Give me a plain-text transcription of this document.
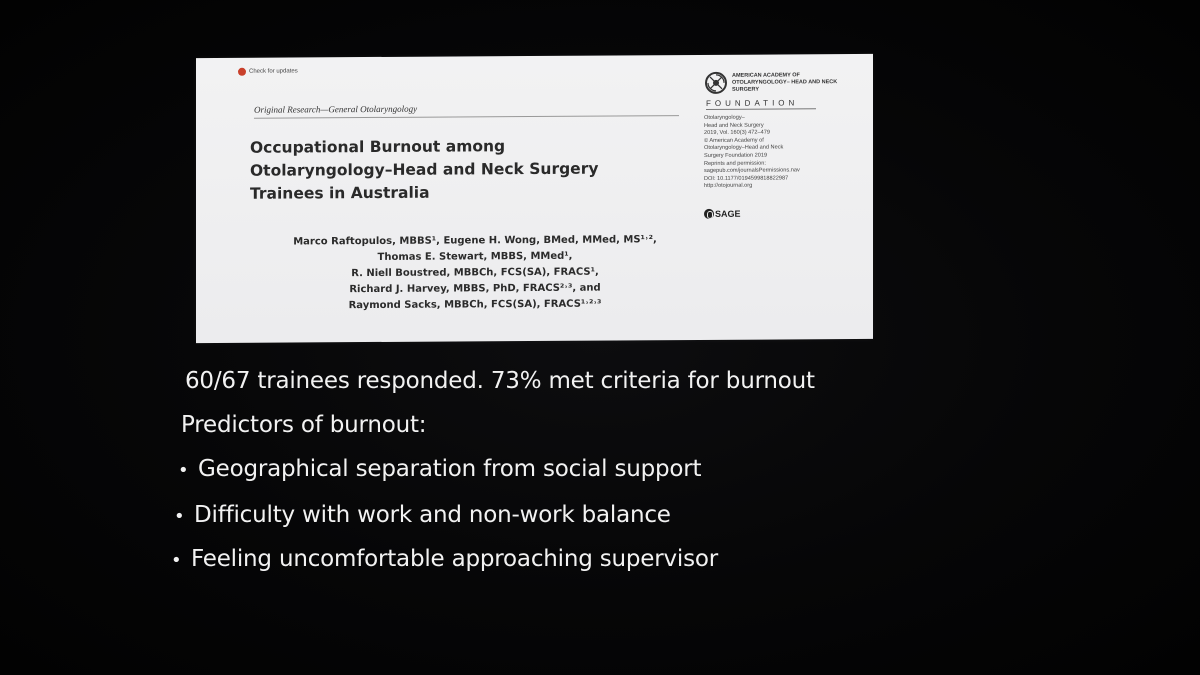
Check for updates
Original Research—General Otolaryngology
Occupational Burnout among
Otolaryngology–Head and Neck Surgery
Trainees in Australia
Marco Raftopulos, MBBS¹, Eugene H. Wong, BMed, MMed, MS¹˒²,
Thomas E. Stewart, MBBS, MMed¹,
R. Niell Boustred, MBBCh, FCS(SA), FRACS¹,
Richard J. Harvey, MBBS, PhD, FRACS²˒³, and
Raymond Sacks, MBBCh, FCS(SA), FRACS¹˒²˒³
AMERICAN ACADEMY OF OTOLARYNGOLOGY– HEAD AND NECK SURGERY
FOUNDATION
Otolaryngology–
Head and Neck Surgery
2019, Vol. 160(3) 472–479
© American Academy of
Otolaryngology–Head and Neck
Surgery Foundation 2019
Reprints and permission:
sagepub.com/journalsPermissions.nav
DOI: 10.1177/0194599818822987
http://otojournal.org
SAGE
60/67 trainees responded. 73% met criteria for burnout
Predictors of burnout:
• Geographical separation from social support
• Difficulty with work and non-work balance
• Feeling uncomfortable approaching supervisor
